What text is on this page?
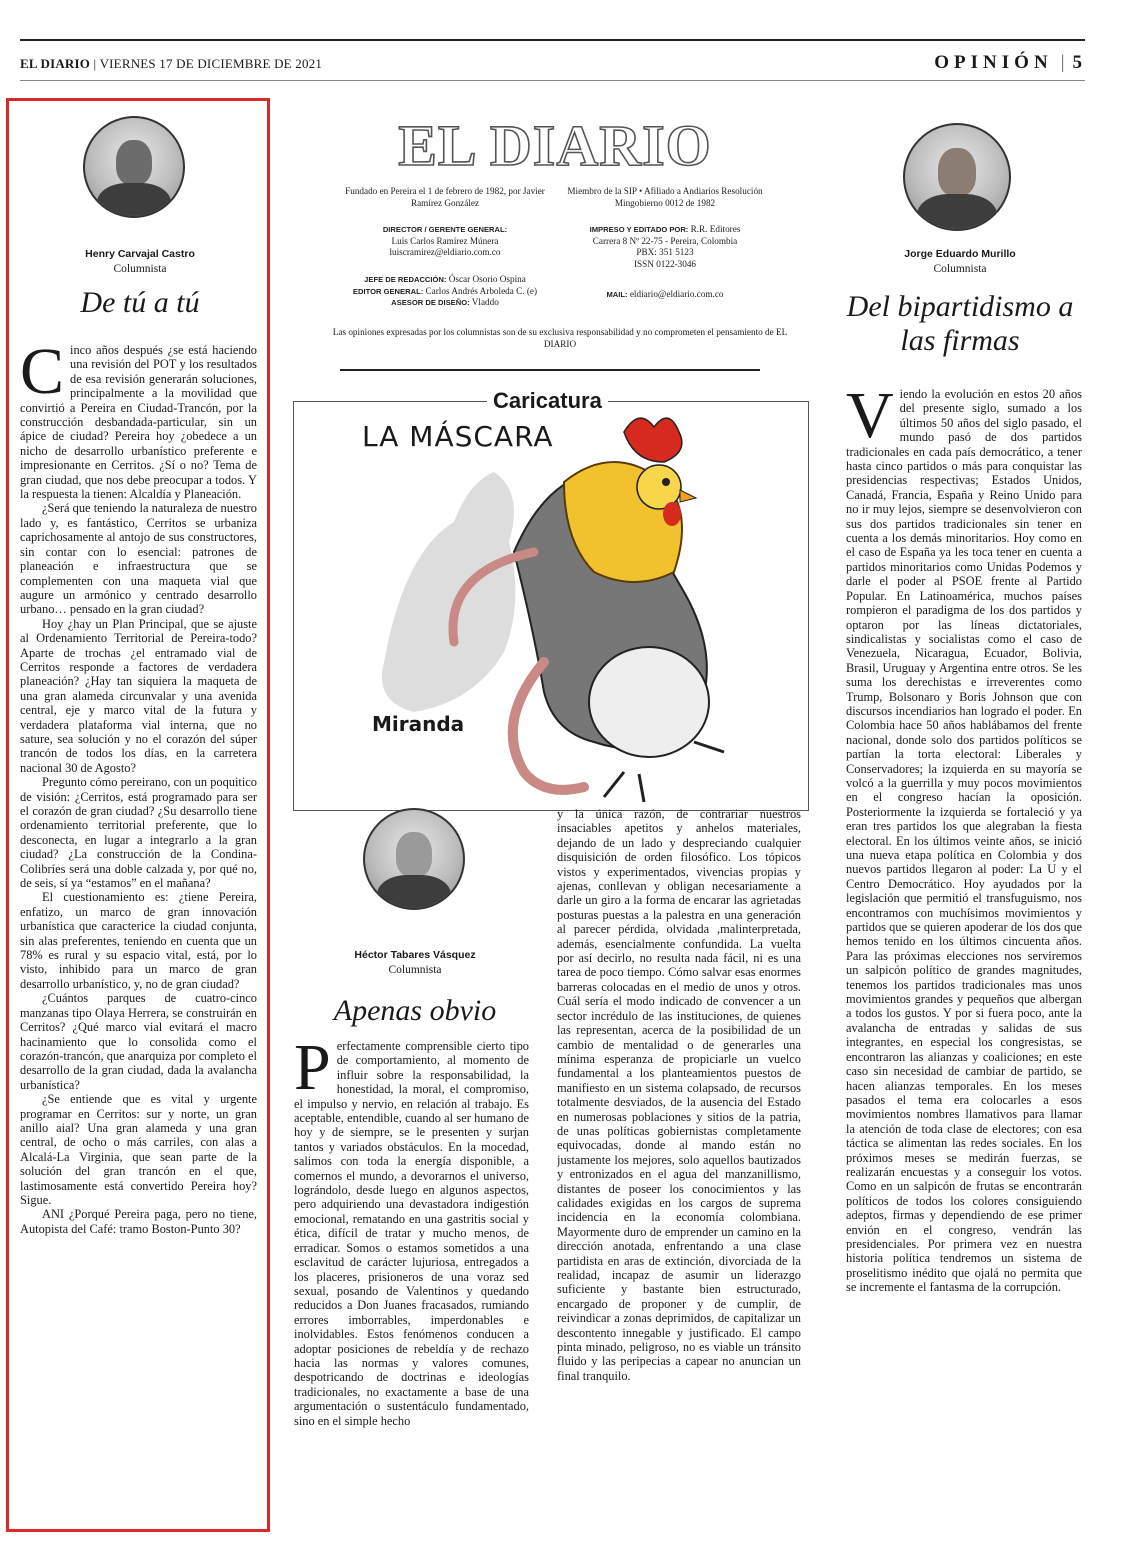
EL DIARIO | VIERNES 17 DE DICIEMBRE DE 2021	OPINIÓN | 5
Henry Carvajal Castro
Columnista
De tú a tú

Cinco años después ¿se está haciendo una revisión del POT y los resultados de esa revisión generarán soluciones, principalmente a la movilidad que convirtió a Pereira en Ciudad-Trancón, por la construcción desbandada-particular, sin un ápice de ciudad? Pereira hoy ¿obedece a un nicho de desarrollo urbanístico preferente e impresionante en Cerritos. ¿Sí o no? Tema de gran ciudad, que nos debe preocupar a todos. Y la respuesta la tienen: Alcaldía y Planeación.

¿Será que teniendo la naturaleza de nuestro lado y, es fantástico, Cerritos se urbaniza caprichosamente al antojo de sus constructores, sin contar con lo esencial: patrones de planeación e infraestructura que se complementen con una maqueta vial que augure un armónico y centrado desarrollo urbano… pensado en la gran ciudad?

Hoy ¿hay un Plan Principal, que se ajuste al Ordenamiento Territorial de Pereira-todo? Aparte de trochas ¿el entramado vial de Cerritos responde a factores de verdadera planeación? ¿Hay tan siquiera la maqueta de una gran alameda circunvalar y una avenida central, eje y marco vital de la futura y verdadera plataforma vial interna, que no sature, sea solución y no el corazón del súper trancón de todos los días, en la carretera nacional 30 de Agosto?

Pregunto cómo pereirano, con un poquitico de visión: ¿Cerritos, está programado para ser el corazón de gran ciudad? ¿Su desarrollo tiene ordenamiento territorial preferente, que lo desconecta, en lugar a integrarlo a la gran ciudad? ¿La construcción de la Condina-Colibríes será una doble calzada y, por qué no, de seis, sí ya “estamos” en el mañana?

El cuestionamiento es: ¿tiene Pereira, enfatizo, un marco de gran innovación urbanística que caracterice la ciudad conjunta, sin alas preferentes, teniendo en cuenta que un 78% es rural y su espacio vital, está, por lo visto, inhibido para un marco de gran desarrollo urbanístico, y, no de gran ciudad?

¿Cuántos parques de cuatro-cinco manzanas tipo Olaya Herrera, se construirán en Cerritos? ¿Qué marco vial evitará el macro hacinamiento que lo consolida como el corazón-trancón, que anarquiza por completo el desarrollo de la gran ciudad, dada la avalancha urbanística?

¿Se entiende que es vital y urgente programar en Cerritos: sur y norte, un gran anillo aial? Una gran alameda y una gran central, de ocho o más carriles, con alas a Alcalá-La Virginia, que sean parte de la solución del gran trancón en el que, lastimosamente está convertido Pereira hoy? Sigue.

ANI ¿Porqué Pereira paga, pero no tiene, Autopista del Café: tramo Boston-Punto 30?

EL DIARIO
Fundado en Pereira el 1 de febrero de 1982, por Javier Ramírez González
Miembro de la SIP • Afiliado a Andiarios Resolución Mingobierno 0012 de 1982
DIRECTOR / GERENTE GENERAL:
Luis Carlos Ramírez Múnera
luiscramirez@eldiario.com.co
IMPRESO Y EDITADO POR: R.R. Editores
Carrera 8 Nº 22-75 - Pereira, Colombia
PBX: 351 5123
ISSN 0122-3046
JEFE DE REDACCIÓN: Óscar Osorio Ospina
EDITOR GENERAL: Carlos Andrés Arboleda C. (e)
ASESOR DE DISEÑO: Vladdo
MAIL: eldiario@eldiario.com.co
Las opiniones expresadas por los columnistas son de su exclusiva responsabilidad y no comprometen el pensamiento de EL DIARIO
Caricatura
LA MÁSCARA
Miranda
Héctor Tabares Vásquez
Columnista
Apenas obvio

Perfectamente comprensible cierto tipo de comportamiento, al momento de influir sobre la responsabilidad, la honestidad, la moral, el compromiso, el impulso y nervio, en relación al trabajo. Es aceptable, entendible, cuando al ser humano de hoy y de siempre, se le presenten y surjan tantos y variados obstáculos. En la mocedad, salimos con toda la energía disponible, a comernos el mundo, a devorarnos el universo, lográndolo, desde luego en algunos aspectos, pero adquiriendo una devastadora indigestión emocional, rematando en una gastritis social y ética, difícil de tratar y mucho menos, de erradicar. Somos o estamos sometidos a una esclavitud de carácter lujuriosa, entregados a los placeres, prisioneros de una voraz sed sexual, posando de Valentinos y quedando reducidos a Don Juanes fracasados, rumiando errores imborrables, imperdonables e inolvidables. Estos fenómenos conducen a adoptar posiciones de rebeldía y de rechazo hacia las normas y valores comunes, despotricando de doctrinas e ideologías tradicionales, no exactamente a base de una argumentación o sustentáculo fundamentado, sino en el simple hecho

y la única razón, de contrariar nuestros insaciables apetitos y anhelos materiales, dejando de un lado y despreciando cualquier disquisición de orden filosófico. Los tópicos vistos y experimentados, vivencias propias y ajenas, conllevan y obligan necesariamente a darle un giro a la forma de encarar las agrietadas posturas puestas a la palestra en una generación al parecer pérdida, olvidada ,malinterpretada, además, esencialmente confundida. La vuelta por así decirlo, no resulta nada fácil, ni es una tarea de poco tiempo. Cómo salvar esas enormes barreras colocadas en el medio de unos y otros. Cuál sería el modo indicado de convencer a un sector incrédulo de las instituciones, de quienes las representan, acerca de la posibilidad de un cambio de mentalidad o de generarles una mínima esperanza de propiciarle un vuelco fundamental a los planteamientos puestos de manifiesto en un sistema colapsado, de recursos totalmente desviados, de la ausencia del Estado en numerosas poblaciones y sitios de la patria, de unas políticas gobiernistas completamente equivocadas, donde al mando están no justamente los mejores, solo aquellos bautizados y entronizados en el agua del manzanillismo, distantes de poseer los conocimientos y las calidades exigidas en los cargos de suprema incidencia en la economía colombiana. Mayormente duro de emprender un camino en la dirección anotada, enfrentando a una clase partidista en aras de extinción, divorciada de la realidad, incapaz de asumir un liderazgo suficiente y bastante bien estructurado, encargado de proponer y de cumplir, de reivindicar a zonas deprimidos, de capitalizar un descontento innegable y justificado. El campo pinta minado, peligroso, no es viable un tránsito fluido y las peripecias a capear no anuncian un final tranquilo.

Jorge Eduardo Murillo
Columnista
Del bipartidismo a las firmas

Viendo la evolución en estos 20 años del presente siglo, sumado a los últimos 50 años del siglo pasado, el mundo pasó de dos partidos tradicionales en cada país democrático, a tener hasta cinco partidos o más para conquistar las presidencias respectivas; Estados Unidos, Canadá, Francia, España y Reino Unido para no ir muy lejos, siempre se desenvolvieron con sus dos partidos tradicionales sin tener en cuenta a los demás minoritarios. Hoy como en el caso de España ya les toca tener en cuenta a partidos minoritarios como Unidas Podemos y darle el poder al PSOE frente al Partido Popular. En Latinoamérica, muchos países rompieron el paradigma de los dos partidos y optaron por las líneas dictatoriales, sindicalistas y socialistas como el caso de Venezuela, Nicaragua, Ecuador, Bolivia, Brasil, Uruguay y Argentina entre otros. Se les suma los derechistas e irreverentes como Trump, Bolsonaro y Boris Johnson que con discursos incendiarios han logrado el poder. En Colombia hace 50 años hablábamos del frente nacional, donde solo dos partidos políticos se partían la torta electoral: Liberales y Conservadores; la izquierda en su mayoría se volcó a la guerrilla y muy pocos movimientos en el congreso hacían la oposición. Posteriormente la izquierda se fortaleció y ya eran tres partidos los que alegraban la fiesta electoral. En los últimos veinte años, se inició una nueva etapa política en Colombia y dos nuevos partidos llegaron al poder: La U y el Centro Democrático. Hoy ayudados por la legislación que permitió el transfuguismo, nos encontramos con muchísimos movimientos y partidos que se quieren apoderar de los dos que hemos tenido en los últimos cincuenta años. Para las próximas elecciones nos serviremos un salpicón político de grandes magnitudes, tenemos los partidos tradicionales mas unos movimientos grandes y pequeños que albergan a todos los gustos. Y por si fuera poco, ante la avalancha de entradas y salidas de sus integrantes, en especial los congresistas, se encontraron las alianzas y coaliciones; en este caso sin necesidad de cambiar de partido, se hacen alianzas temporales. En los meses pasados el tema era colocarles a esos movimientos nombres llamativos para llamar la atención de toda clase de electores; con esa táctica se alimentan las redes sociales. En los próximos meses se medirán fuerzas, se realizarán encuestas y a conseguir los votos. Como en un salpicón de frutas se encontrarán políticos de todos los colores consiguiendo adeptos, firmas y dependiendo de ese primer envión en el congreso, vendrán las presidenciales. Por primera vez en nuestra historia política tendremos un sistema de proselitismo inédito que ojalá no permita que se incremente el fantasma de la corrupción.
